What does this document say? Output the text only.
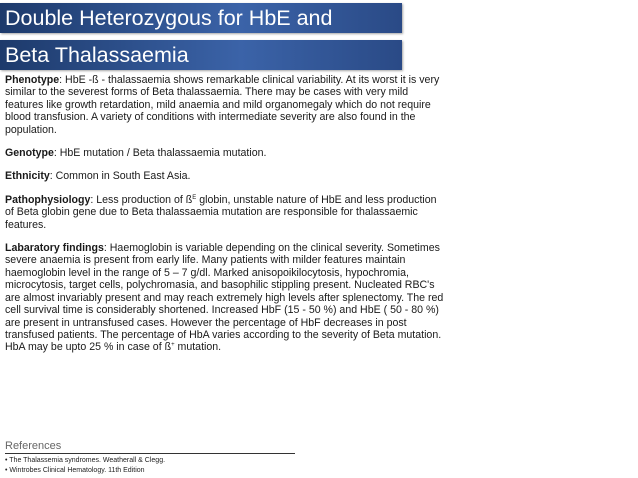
Double Heterozygous for HbE and
Beta Thalassaemia

Phenotype: HbE -ß - thalassaemia shows remarkable clinical variability. At its worst it is very similar to the severest forms of Beta thalassaemia. There may be cases with very mild features like growth retardation, mild anaemia and mild organomegaly which do not require blood transfusion. A variety of conditions with intermediate severity are also found in the population.

Genotype: HbE mutation / Beta thalassaemia mutation.

Ethnicity: Common in South East Asia.

Pathophysiology: Less production of $ß^E$ globin, unstable nature of HbE and less production of Beta globin gene due to Beta thalassaemia mutation are responsible for thalassaemic features.

Labaratory findings: Haemoglobin is variable depending on the clinical severity. Sometimes severe anaemia is present from early life. Many patients with milder features maintain haemoglobin level in the range of 5 – 7 g/dl. Marked anisopoikilocytosis, hypochromia, microcytosis, target cells, polychromasia, and basophilic stippling present. Nucleated RBC's are almost invariably present and may reach extremely high levels after splenectomy. The red cell survival time is considerably shortened. Increased HbF (15 - 50 %) and HbE ( 50 - 80 %) are present in untransfused cases. However the percentage of HbF decreases in post transfused patients. The percentage of HbA varies according to the severity of Beta mutation. HbA may be upto 25 % in case of ß+ mutation.

References
• The Thalassemia syndromes. Weatherall & Clegg.
• Wintrobes Clinical Hematology. 11th Edition
